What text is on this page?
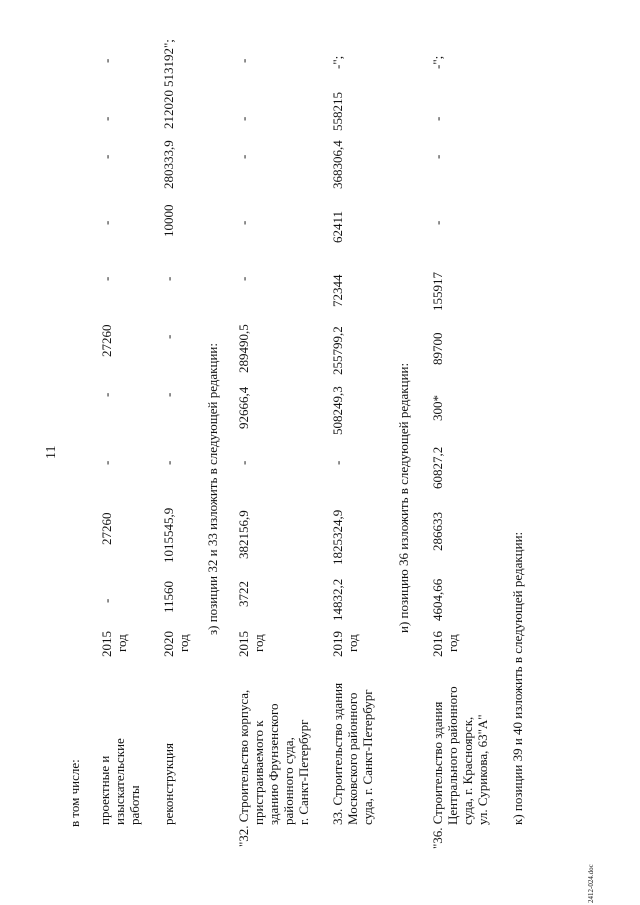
11
в том числе: проектные и изыскательские работы
2015 год
-
27260
-
-
27260
-
-
-
-
-
реконструкция
2020 год
11560
1015545,9
-
-
-
-
10000
280333,9
212020
513192";
з) позиции 32 и 33 изложить в следующей редакции:
"32. Строительство корпуса, пристраиваемого к зданию Фрунзенского районного суда, г. Санкт-Петербург
2015 год
3722
382156,9
-
92666,4
289490,5
-
-
-
-
-
33. Строительство здания Московского районного суда, г. Санкт-Петербург
2019 год
14832,2
1825324,9
-
508249,3
255799,2
72344
62411
368306,4
558215
-";
и) позицию 36 изложить в следующей редакции:
"36. Строительство здания Центрального районного суда, г. Красноярск, ул. Сурикова, 63"А"
2016 год
4604,66
286633
60827,2
300*
89700
155917
-
-
-
-";
к) позиции 39 и 40 изложить в следующей редакции:
2412‑024.doc
